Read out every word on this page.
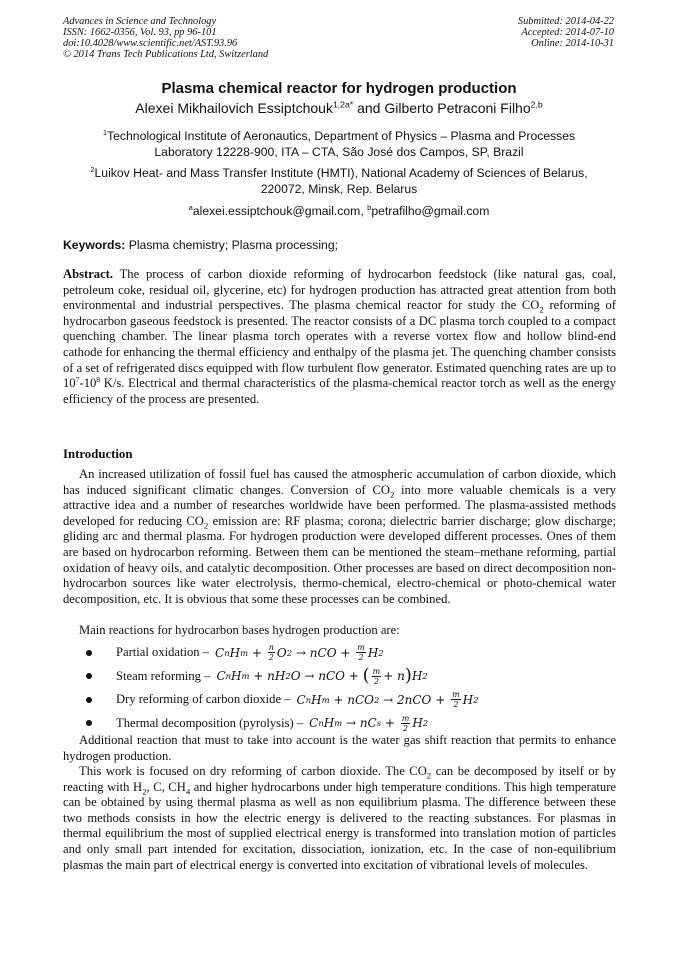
Advances in Science and Technology
ISSN: 1662-0356, Vol. 93, pp 96-101
doi:10.4028/www.scientific.net/AST.93.96
© 2014 Trans Tech Publications Ltd, Switzerland
Submitted: 2014-04-22
Accepted: 2014-07-10
Online: 2014-10-31
Plasma chemical reactor for hydrogen production
Alexei Mikhailovich Essiptchouk$^{1,2a*}$ and Gilberto Petraconi Filho$^{2,b}$
$^1$Technological Institute of Aeronautics, Department of Physics – Plasma and Processes
Laboratory 12228-900, ITA – CTA, São José dos Campos, SP, Brazil
$^2$Luikov Heat- and Mass Transfer Institute (HMTI), National Academy of Sciences of Belarus,
220072, Minsk, Rep. Belarus
$^a$alexei.essiptchouk@gmail.com, $^b$petrafilho@gmail.com
Keywords: Plasma chemistry; Plasma processing;
Abstract. The process of carbon dioxide reforming of hydrocarbon feedstock (like natural gas, coal, petroleum coke, residual oil, glycerine, etc) for hydrogen production has attracted great attention from both environmental and industrial perspectives. The plasma chemical reactor for study the $CO_2$ reforming of hydrocarbon gaseous feedstock is presented. The reactor consists of a DC plasma torch coupled to a compact quenching chamber. The linear plasma torch operates with a reverse vortex flow and hollow blind-end cathode for enhancing the thermal efficiency and enthalpy of the plasma jet. The quenching chamber consists of a set of refrigerated discs equipped with flow turbulent flow generator. Estimated quenching rates are up to $10^7-10^8$ K/s. Electrical and thermal characteristics of the plasma-chemical reactor torch as well as the energy efficiency of the process are presented.
Introduction
An increased utilization of fossil fuel has caused the atmospheric accumulation of carbon dioxide, which has induced significant climatic changes. Conversion of $CO_2$ into more valuable chemicals is a very attractive idea and a number of researches worldwide have been performed. The plasma-assisted methods developed for reducing $CO_2$ emission are: RF plasma; corona; dielectric barrier discharge; glow discharge; gliding arc and thermal plasma. For hydrogen production were developed different processes. Ones of them are based on hydrocarbon reforming. Between them can be mentioned the steam–methane reforming, partial oxidation of heavy oils, and catalytic decomposition. Other processes are based on direct decomposition non-hydrocarbon sources like water electrolysis, thermo-chemical, electro-chemical or photo-chemical water decomposition, etc. It is obvious that some these processes can be combined.
Main reactions for hydrocarbon bases hydrogen production are:
Partial oxidation – C n H $m + \frac{n}{2}$ O 2 → nCO + $\frac{m}{2}$ H 2
Steam reforming – C n H m + nH 2 O → nCO + ( $\frac{m}{2} + n$ ) H 2
Dry reforming of carbon dioxide – C n H m + nCO $2 \to 2nCO + \frac{m}{2}$ H 2
Thermal decomposition (pyrolysis) – C n H m → nC $s + \frac{m}{2}$ H 2
Additional reaction that must to take into account is the water gas shift reaction that permits to enhance hydrogen production.
This work is focused on dry reforming of carbon dioxide. The $CO_2$ can be decomposed by itself or by reacting with $H_2$, C, $CH_4$ and higher hydrocarbons under high temperature conditions. This high temperature can be obtained by using thermal plasma as well as non equilibrium plasma. The difference between these two methods consists in how the electric energy is delivered to the reacting substances. For plasmas in thermal equilibrium the most of supplied electrical energy is transformed into translation motion of particles and only small part intended for excitation, dissociation, ionization, etc. In the case of non-equilibrium plasmas the main part of electrical energy is converted into excitation of vibrational levels of molecules.
